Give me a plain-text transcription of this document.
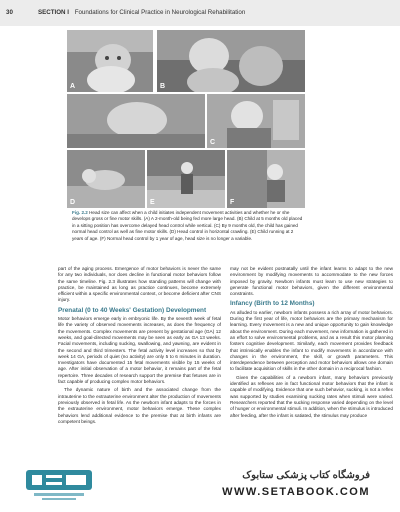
30	SECTION I Foundations for Clinical Practice in Neurological Rehabilitation
A	B
C
D	E	F
Fig. 2.2 Head size can affect when a child initiates independent movement activities and whether he or she develops gross or fine motor skills. (A) A 2-month-old being fed more large head. (B) Child at 5 months old placed in a sitting position has overcome delayed head control while vertical. (C) By 9 months old, the child has gained normal head control as well as fine motor skills. (D) Head control in horizontal crawling. (E) Child running at 2 years of age. (F) Normal head control by 1 year of age, head size is no longer a variable.

part of the aging process. Emergence of motor behaviors is never the same for any two individuals, nor does decline in functional motor behaviors follow the same timeline. Fig. 2.3 illustrates how standing patterns will change with practice, be maintained as long as practice continues, become extremely efficient within a specific environmental context, or become deficient after CNS injury.

Prenatal (0 to 40 Weeks' Gestation) Development

Motor behaviors emerge early in embryonic life. By the seventh week of fetal life the variety of observed movements increases, as does the frequency of the movements. Complex movements are present by gestational age (GA) 12 weeks, and goal-directed movements may be seen as early as GA 13 weeks. Facial movements, including sucking, swallowing, and yawning, are evident in the second and third trimesters. The fetal activity level increases so that by week 14 GA, periods of quiet (no activity) are only 5 to 6 minutes in duration. Investigators have documented 15 fetal movements visible by 15 weeks of age. After initial observation of a motor behavior, it remains part of the fetal repertoire. Three decades of research support the premise that fetuses are in fact capable of producing complex motor behaviors.

The dynamic nature of birth and the associated change from the intrauterine to the extrauterine environment alter the production of movements previously observed in fetal life. As the newborn infant adapts to the forces in the extrauterine environment, motor behaviors emerge. These complex behaviors lend additional evidence to the premise that at birth infants are competent beings.

may not be evident postnatally until the infant learns to adapt to the new environment by modifying movements to accommodate to the new forces imposed by gravity. Newborn infants must learn to use new strategies to generate functional motor behaviors, given the different environmental constraints.

Infancy (Birth to 12 Months)

As alluded to earlier, newborn infants possess a rich array of motor behaviors. During the first year of life, motor behaviors are the primary mechanism for learning. Every movement is a new and unique opportunity to gain knowledge about the environment. During each movement, new information is gathered in an effort to solve environmental problems, and as a result this motor planning fosters cognitive development. Similarly, each movement provides feedback that intrinsically enables the infant to modify movements in accordance with changes in the environment, the skill, or growth parameters. This interdependence between perception and motor behaviors allows one domain to facilitate acquisition of skills in the other domain in a reciprocal fashion.

Given the capabilities of a newborn infant, many behaviors previously identified as reflexes are in fact functional motor behaviors that the infant is capable of modifying. Evidence that one such behavior, sucking, is not a reflex was supported by studies examining sucking rates when stimuli were varied. Researchers reported that the sucking response varied depending on the level of hunger or environmental stimuli. In addition, when the stimulus is introduced after feeding, after the infant is satiated, the stimulus may produce

فروشگاه کتاب پزشکی ستابوک
WWW.SETABOOK.COM
